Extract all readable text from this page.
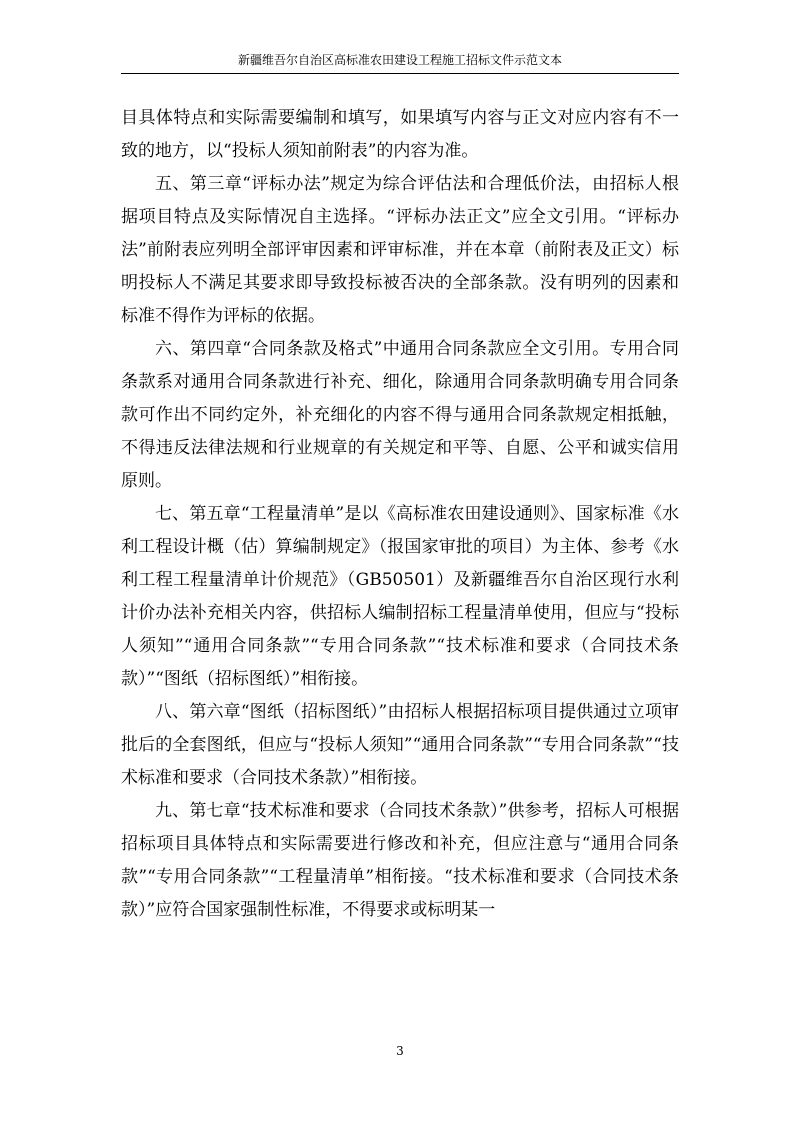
新疆维吾尔自治区高标准农田建设工程施工招标文件示范文本

目具体特点和实际需要编制和填写，如果填写内容与正文对应内容有不一致的地方，以“投标人须知前附表”的内容为准。

五、第三章“评标办法”规定为综合评估法和合理低价法，由招标人根据项目特点及实际情况自主选择。“评标办法正文”应全文引用。“评标办法”前附表应列明全部评审因素和评审标准，并在本章（前附表及正文）标明投标人不满足其要求即导致投标被否决的全部条款。没有明列的因素和标准不得作为评标的依据。

六、第四章“合同条款及格式”中通用合同条款应全文引用。专用合同条款系对通用合同条款进行补充、细化，除通用合同条款明确专用合同条款可作出不同约定外，补充细化的内容不得与通用合同条款规定相抵触，不得违反法律法规和行业规章的有关规定和平等、自愿、公平和诚实信用原则。

七、第五章“工程量清单”是以《高标准农田建设通则》、国家标准《水利工程设计概（估）算编制规定》（报国家审批的项目）为主体、参考《水利工程工程量清单计价规范》（GB50501）及新疆维吾尔自治区现行水利计价办法补充相关内容，供招标人编制招标工程量清单使用，但应与“投标人须知”“通用合同条款”“专用合同条款”“技术标准和要求（合同技术条款）”“图纸（招标图纸）”相衔接。

八、第六章“图纸（招标图纸）”由招标人根据招标项目提供通过立项审批后的全套图纸，但应与“投标人须知”“通用合同条款”“专用合同条款”“技术标准和要求（合同技术条款）”相衔接。

九、第七章“技术标准和要求（合同技术条款）”供参考，招标人可根据招标项目具体特点和实际需要进行修改和补充，但应注意与“通用合同条款”“专用合同条款”“工程量清单”相衔接。“技术标准和要求（合同技术条款）”应符合国家强制性标准，不得要求或标明某一

3
